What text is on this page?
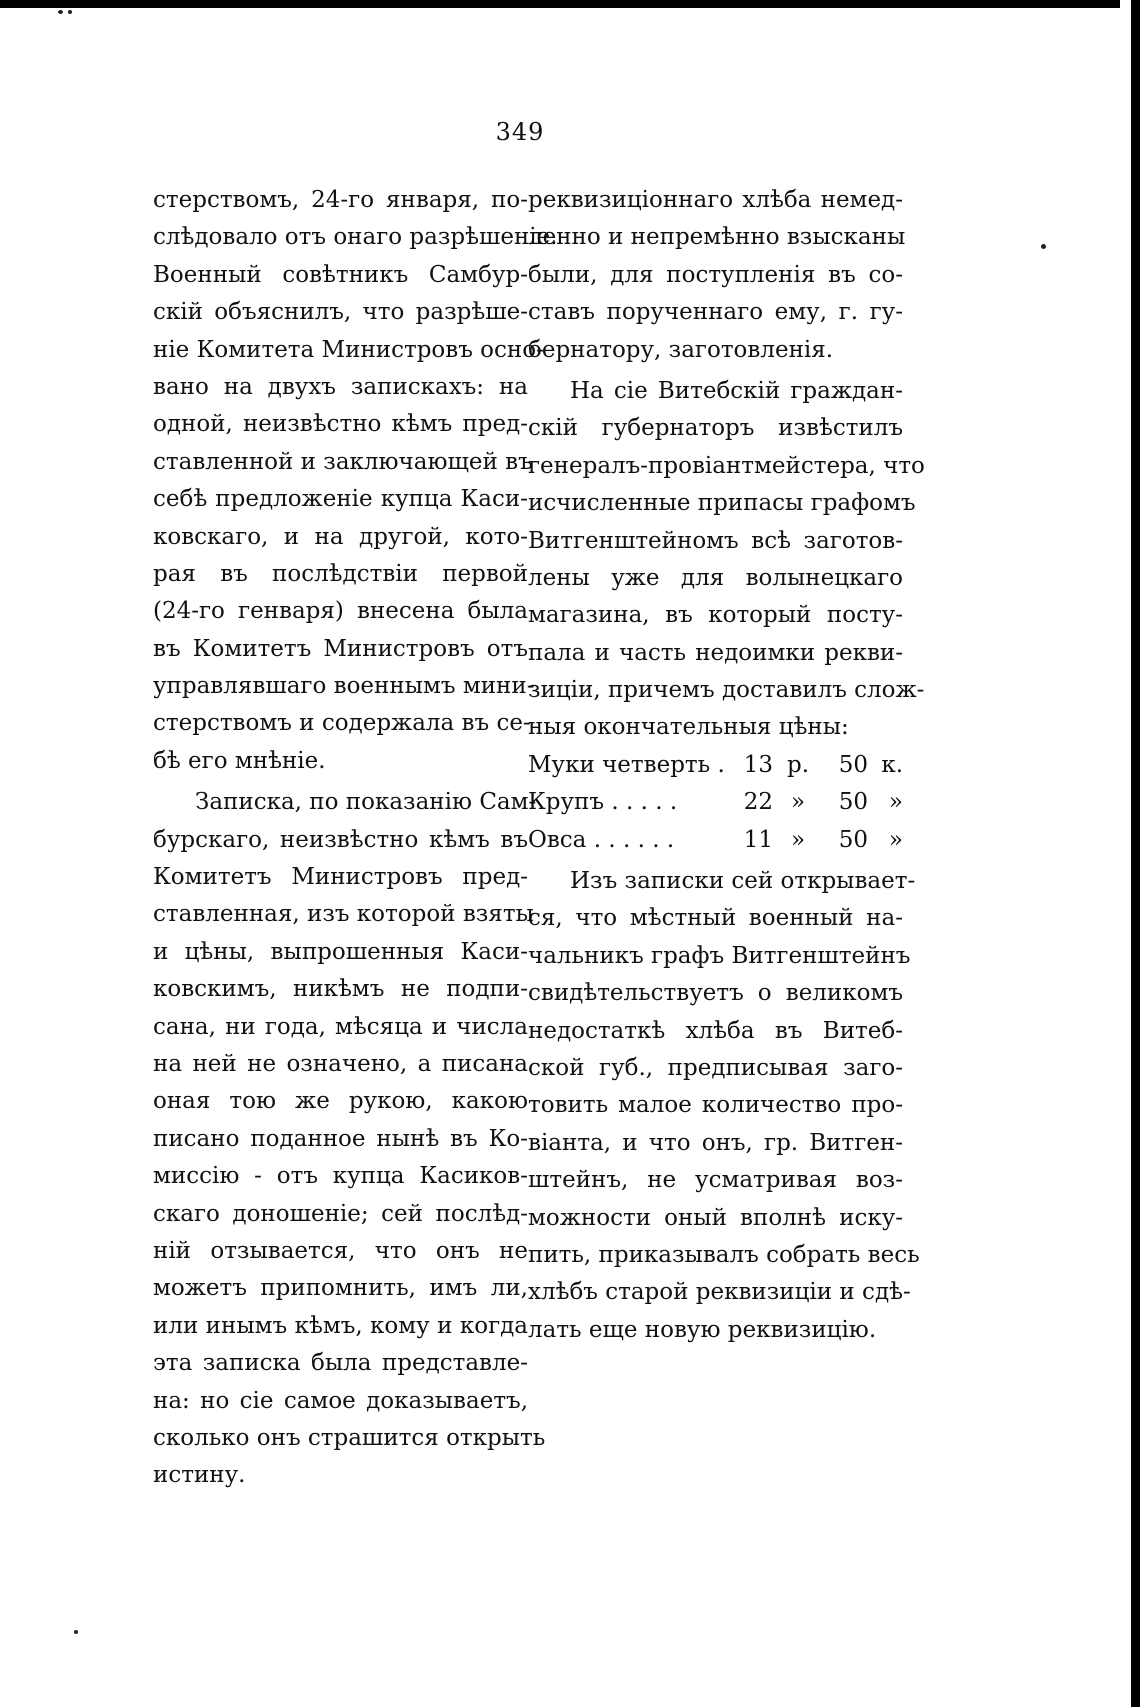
349
стерствомъ, 24-го января, по-
слѣдовало отъ онаго разрѣшеніе.
Военный совѣтникъ Самбур-
скій объяснилъ, что разрѣше-
ніе Комитета Министровъ осно-
вано на двухъ запискахъ: на
одной, неизвѣстно кѣмъ пред-
ставленной и заключающей въ
себѣ предложеніе купца Каси-
ковскаго, и на другой, кото-
рая въ послѣдствіи первой
(24-го генваря) внесена была
въ Комитетъ Министровъ отъ
управлявшаго военнымъ мини-
стерствомъ и содержала въ се-
бѣ его мнѣніе.
Записка, по показанію Сам-
бурскаго, неизвѣстно кѣмъ въ
Комитетъ Министровъ пред-
ставленная, изъ которой взяты
и цѣны, выпрошенныя Каси-
ковскимъ, никѣмъ не подпи-
сана, ни года, мѣсяца и числа
на ней не означено, а писана
оная тою же рукою, какою
писано поданное нынѣ въ Ко-
миссію - отъ купца Касиков-
скаго доношеніе; сей послѣд-
ній отзывается, что онъ не
можетъ припомнить, имъ ли,
или инымъ кѣмъ, кому и когда
эта записка была представле-
на: но сіе самое доказываетъ,
сколько онъ страшится открыть
истину.
реквизиціоннаго хлѣба немед-
ленно и непремѣнно взысканы
были, для поступленія въ со-
ставъ порученнаго ему, г. гу-
бернатору, заготовленія.
На сіе Витебскій граждан-
скій губернаторъ извѣстилъ
генералъ-провіантмейстера, что
исчисленные припасы графомъ
Витгенштейномъ всѣ заготов-
лены уже для волынецкаго
магазина, въ который посту-
пала и часть недоимки рекви-
зиціи, причемъ доставилъ слож-
ныя окончательныя цѣны:
Муки четверть . 13 р.	50 к.
Крупъ . . . . .	22 »	50 »
Овса . . . . . .	11 »	50 »
Изъ записки сей открывает-
ся, что мѣстный военный на-
чальникъ графъ Витгенштейнъ
свидѣтельствуетъ о великомъ
недостаткѣ хлѣба въ Витеб-
ской губ., предписывая заго-
товить малое количество про-
віанта, и что онъ, гр. Витген-
штейнъ, не усматривая воз-
можности оный вполнѣ иску-
пить, приказывалъ собрать весь
хлѣбъ старой реквизиціи и сдѣ-
лать еще новую реквизицію.
